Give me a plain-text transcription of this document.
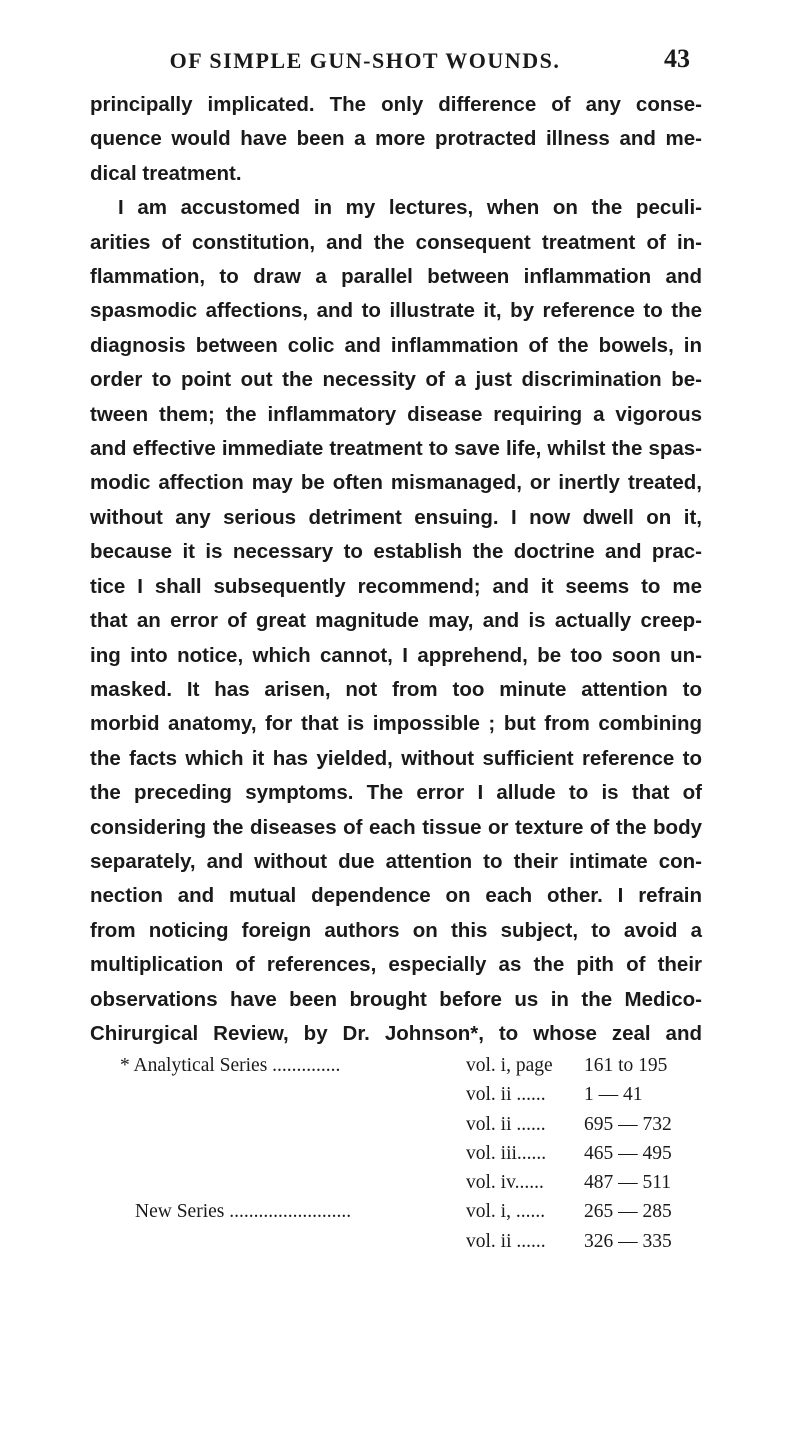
OF SIMPLE GUN-SHOT WOUNDS.	43
principally implicated. The only difference of any conse-
quence would have been a more protracted illness and me-
dical treatment.
I am accustomed in my lectures, when on the peculi-
arities of constitution, and the consequent treatment of in-
flammation, to draw a parallel between inflammation and
spasmodic affections, and to illustrate it, by reference to the
diagnosis between colic and inflammation of the bowels, in
order to point out the necessity of a just discrimination be-
tween them; the inflammatory disease requiring a vigorous
and effective immediate treatment to save life, whilst the spas-
modic affection may be often mismanaged, or inertly treated,
without any serious detriment ensuing. I now dwell on it,
because it is necessary to establish the doctrine and prac-
tice I shall subsequently recommend; and it seems to me
that an error of great magnitude may, and is actually creep-
ing into notice, which cannot, I apprehend, be too soon un-
masked. It has arisen, not from too minute attention to
morbid anatomy, for that is impossible ; but from combining
the facts which it has yielded, without sufficient reference to
the preceding symptoms. The error I allude to is that of
considering the diseases of each tissue or texture of the body
separately, and without due attention to their intimate con-
nection and mutual dependence on each other. I refrain
from noticing foreign authors on this subject, to avoid a
multiplication of references, especially as the pith of their
observations have been brought before us in the Medico-
Chirurgical Review, by Dr. Johnson*, to whose zeal and
* Analytical Series ..............	vol. i, page	161 to 195
vol. ii ......	1 — 41
vol. ii ......	695 — 732
vol. iii......	465 — 495
vol. iv......	487 — 511
New Series .........................	vol. i, ......	265 — 285
vol. ii ......	326 — 335
